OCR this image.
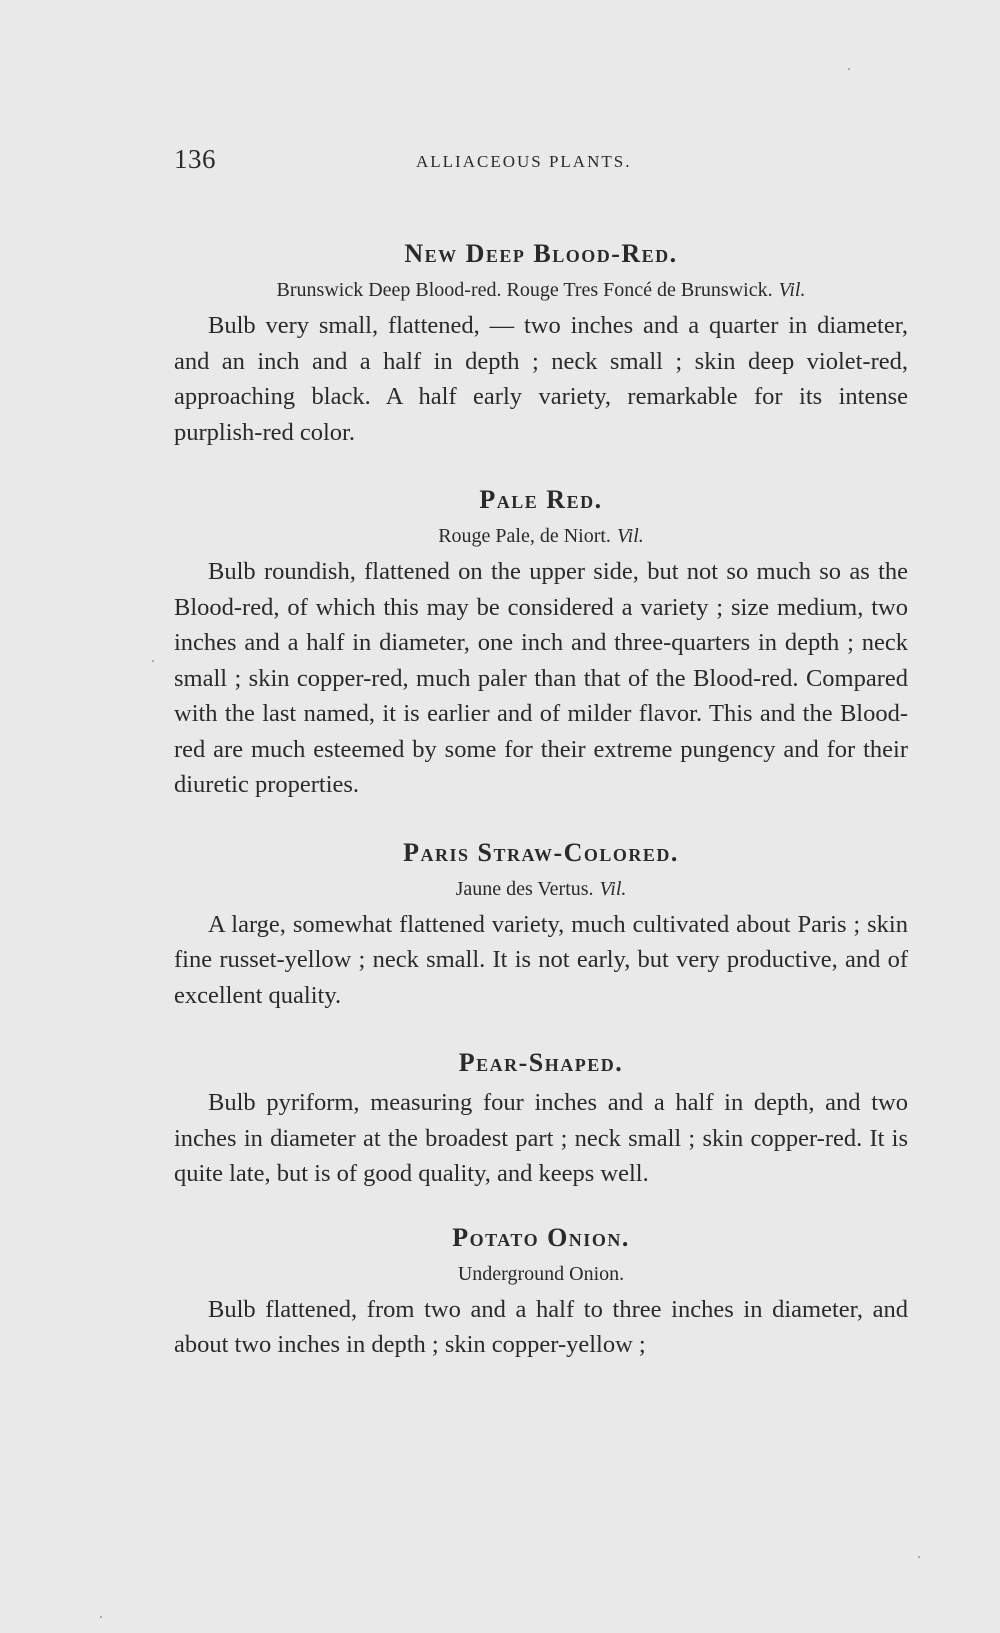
136	ALLIACEOUS PLANTS.
New Deep Blood-Red.
Brunswick Deep Blood-red. Rouge Tres Foncé de Brunswick. Vil.

Bulb very small, flattened, — two inches and a quarter in diameter, and an inch and a half in depth ; neck small ; skin deep violet-red, approaching black. A half early variety, remarkable for its intense purplish-red color.

Pale Red.
Rouge Pale, de Niort. Vil.

Bulb roundish, flattened on the upper side, but not so much so as the Blood-red, of which this may be considered a variety ; size medium, two inches and a half in diameter, one inch and three-quarters in depth ; neck small ; skin copper-red, much paler than that of the Blood-red. Compared with the last named, it is earlier and of milder flavor. This and the Blood-red are much esteemed by some for their extreme pungency and for their diuretic properties.

Paris Straw-Colored.
Jaune des Vertus. Vil.

A large, somewhat flattened variety, much cultivated about Paris ; skin fine russet-yellow ; neck small. It is not early, but very productive, and of excellent quality.

Pear-Shaped.

Bulb pyriform, measuring four inches and a half in depth, and two inches in diameter at the broadest part ; neck small ; skin copper-red. It is quite late, but is of good quality, and keeps well.

Potato Onion.
Underground Onion.

Bulb flattened, from two and a half to three inches in diameter, and about two inches in depth ; skin copper-yellow ;
